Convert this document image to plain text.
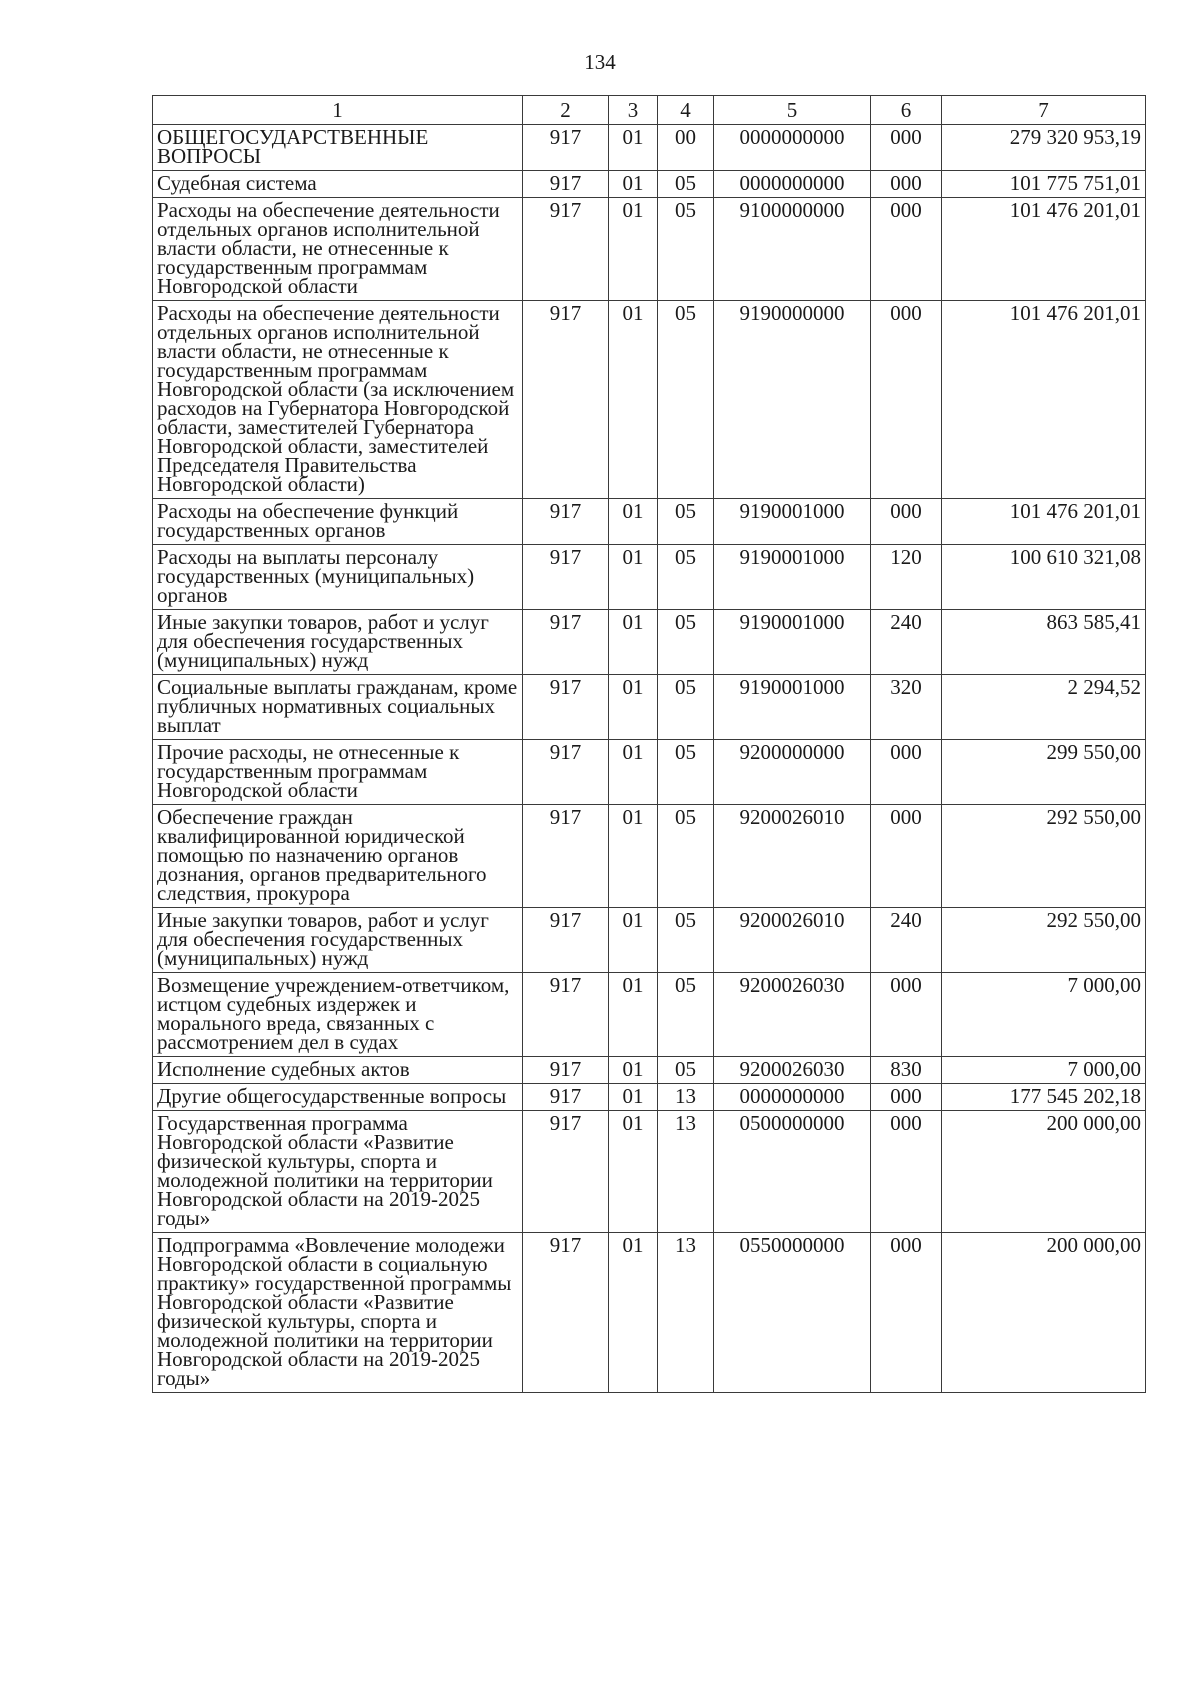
134
1	2	3	4	5	6	7
ОБЩЕГОСУДАРСТВЕННЫЕ ВОПРОСЫ	917	01	00	0000000000	000	279 320 953,19
Судебная система	917	01	05	0000000000	000	101 775 751,01
Расходы на обеспечение деятельности отдельных органов исполнительной власти области, не отнесенные к государственным программам Новгородской области	917	01	05	9100000000	000	101 476 201,01
Расходы на обеспечение деятельности отдельных органов исполнительной власти области, не отнесенные к государственным программам Новгородской области (за исключением расходов на Губернатора Новгородской области, заместителей Губернатора Новгородской области, заместителей Председателя Правительства Новгородской области)	917	01	05	9190000000	000	101 476 201,01
Расходы на обеспечение функций государственных органов	917	01	05	9190001000	000	101 476 201,01
Расходы на выплаты персоналу государственных (муниципальных) органов	917	01	05	9190001000	120	100 610 321,08
Иные закупки товаров, работ и услуг для обеспечения государственных (муниципальных) нужд	917	01	05	9190001000	240	863 585,41
Социальные выплаты гражданам, кроме публичных нормативных социальных выплат	917	01	05	9190001000	320	2 294,52
Прочие расходы, не отнесенные к государственным программам Новгородской области	917	01	05	9200000000	000	299 550,00
Обеспечение граждан квалифицированной юридической помощью по назначению органов дознания, органов предварительного следствия, прокурора	917	01	05	9200026010	000	292 550,00
Иные закупки товаров, работ и услуг для обеспечения государственных (муниципальных) нужд	917	01	05	9200026010	240	292 550,00
Возмещение учреждением-ответчиком, истцом судебных издержек и морального вреда, связанных с рассмотрением дел в судах	917	01	05	9200026030	000	7 000,00
Исполнение судебных актов	917	01	05	9200026030	830	7 000,00
Другие общегосударственные вопросы	917	01	13	0000000000	000	177 545 202,18
Государственная программа Новгородской области «Развитие физической культуры, спорта и молодежной политики на территории Новгородской области на 2019-2025 годы»	917	01	13	0500000000	000	200 000,00
Подпрограмма «Вовлечение молодежи Новгородской области в социальную практику» государственной программы Новгородской области «Развитие физической культуры, спорта и молодежной политики на территории Новгородской области на 2019-2025 годы»	917	01	13	0550000000	000	200 000,00
